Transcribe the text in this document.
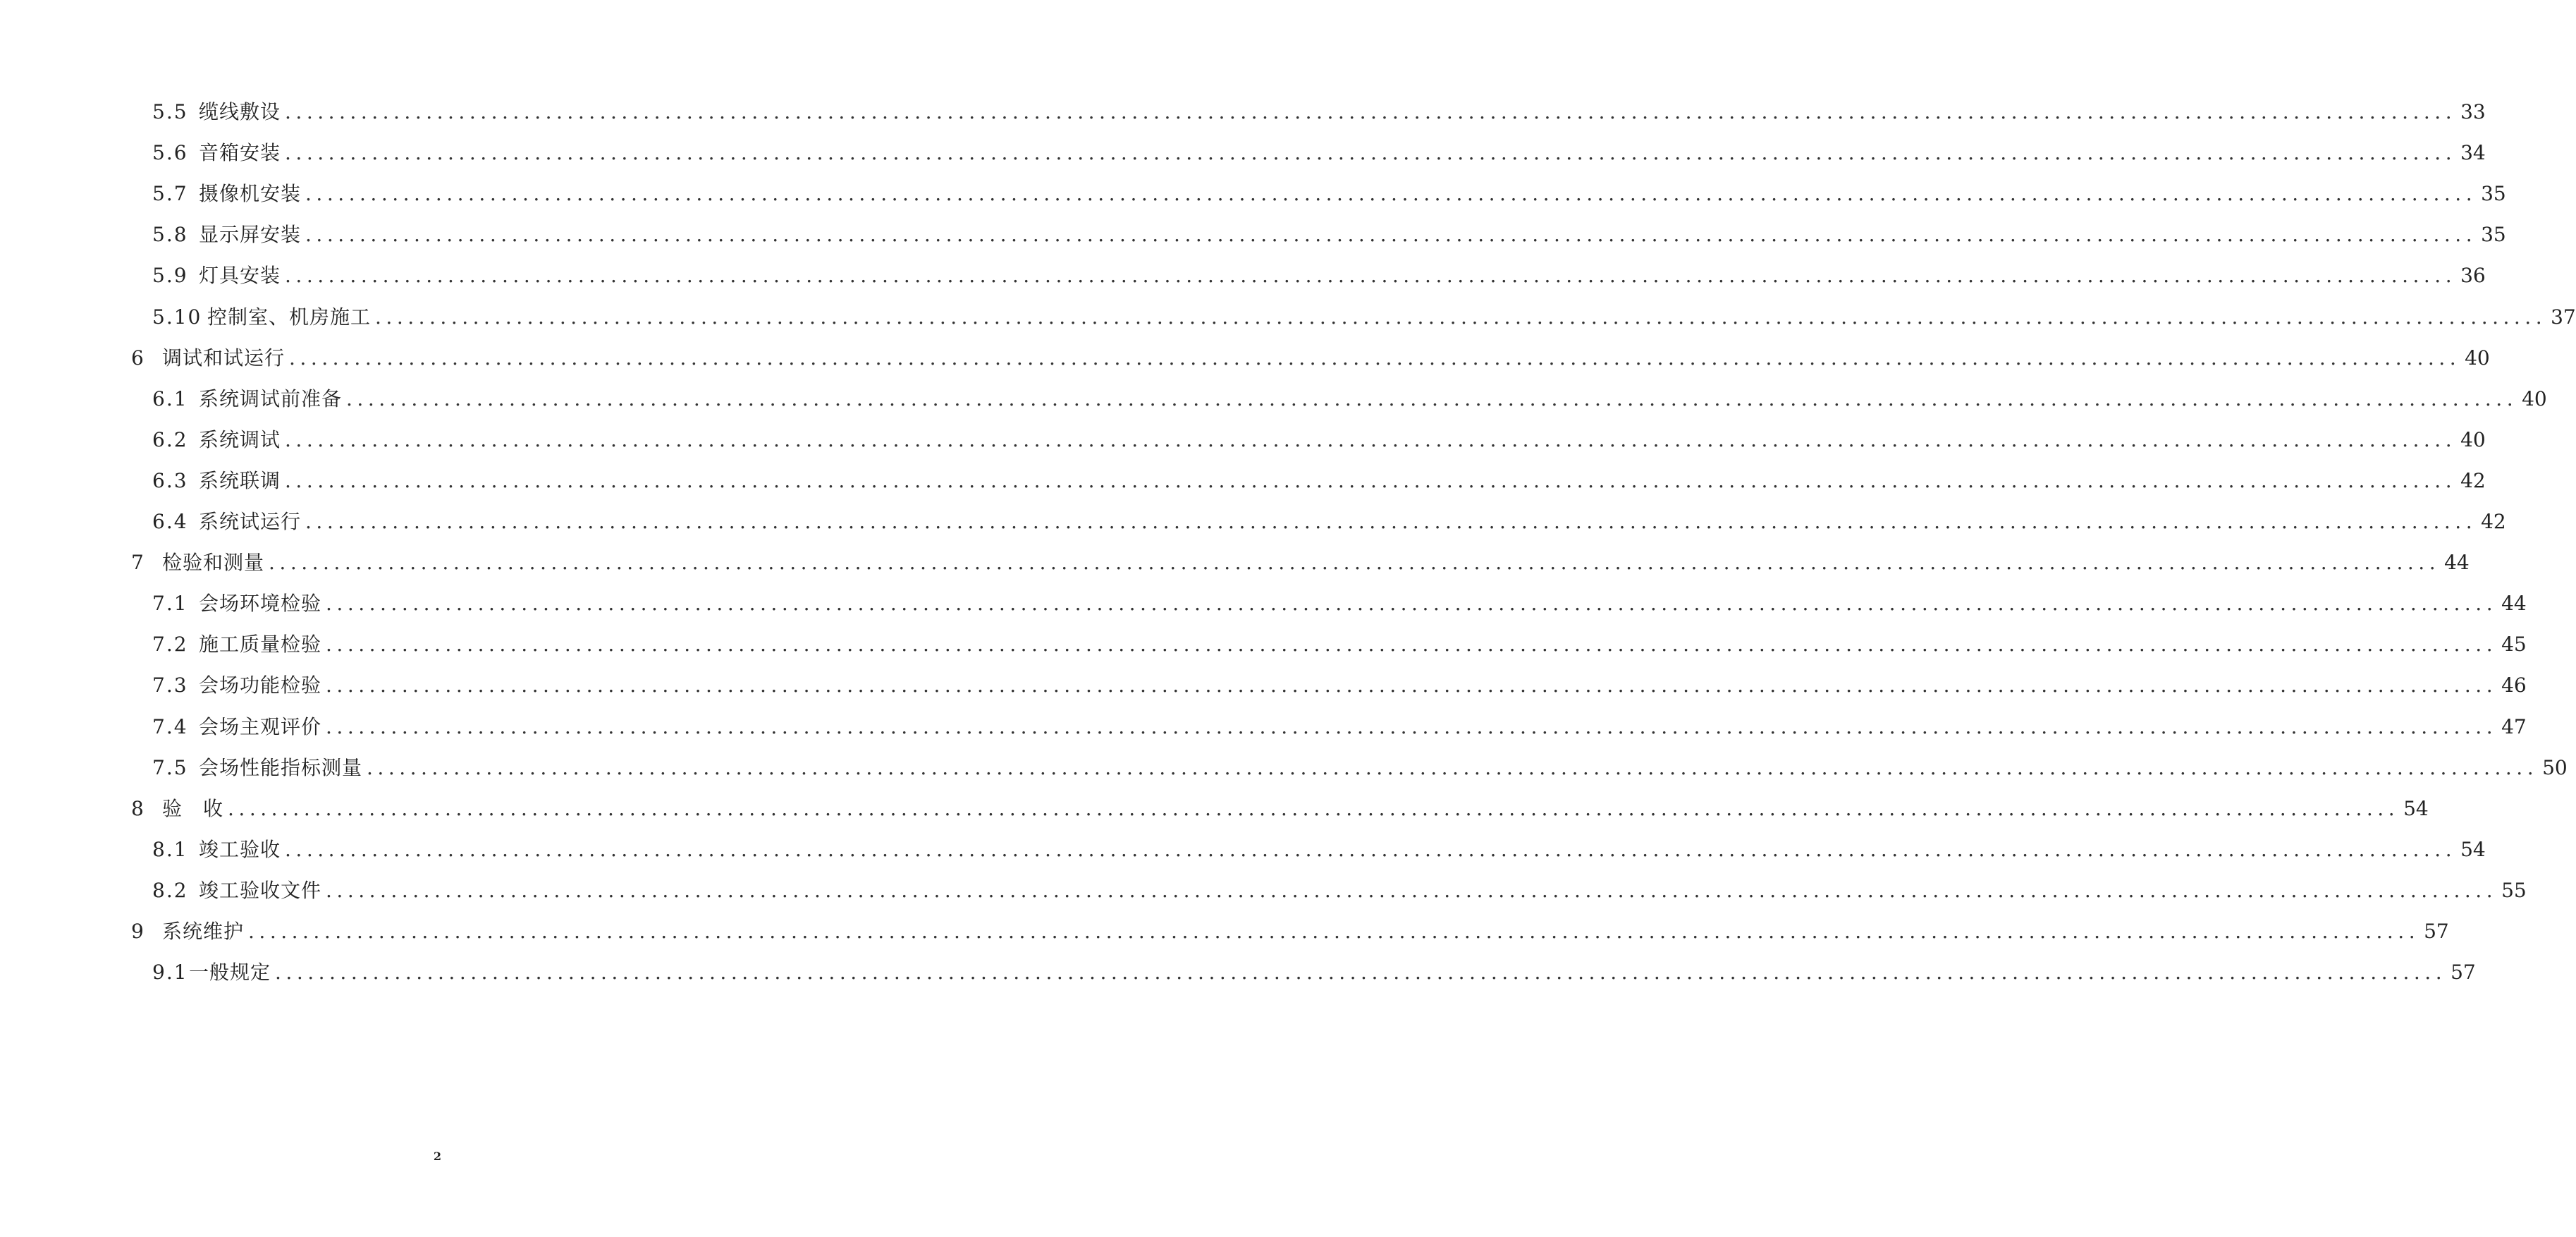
5.5 缆线敷设 ........................................................................................................................................................................................................ 33
5.6 音箱安装 ........................................................................................................................................................................................................ 34
5.7 摄像机安装 ........................................................................................................................................................................................................ 35
5.8 显示屏安装 ........................................................................................................................................................................................................ 35
5.9 灯具安装 ........................................................................................................................................................................................................ 36
5.10 控制室、机房施工 ........................................................................................................................................................................................................ 37
6 调试和试运行 ........................................................................................................................................................................................................ 40
6.1 系统调试前准备 ........................................................................................................................................................................................................ 40
6.2 系统调试 ........................................................................................................................................................................................................ 40
6.3 系统联调 ........................................................................................................................................................................................................ 42
6.4 系统试运行 ........................................................................................................................................................................................................ 42
7 检验和测量 ........................................................................................................................................................................................................ 44
7.1 会场环境检验 ........................................................................................................................................................................................................ 44
7.2 施工质量检验 ........................................................................................................................................................................................................ 45
7.3 会场功能检验 ........................................................................................................................................................................................................ 46
7.4 会场主观评价 ........................................................................................................................................................................................................ 47
7.5 会场性能指标测量 ........................................................................................................................................................................................................ 50
8 验　收 ........................................................................................................................................................................................................ 54
8.1 竣工验收 ........................................................................................................................................................................................................ 54
8.2 竣工验收文件 ........................................................................................................................................................................................................ 55
9 系统维护 ........................................................................................................................................................................................................ 57
9.1 一般规定 ........................................................................................................................................................................................................ 57
2
